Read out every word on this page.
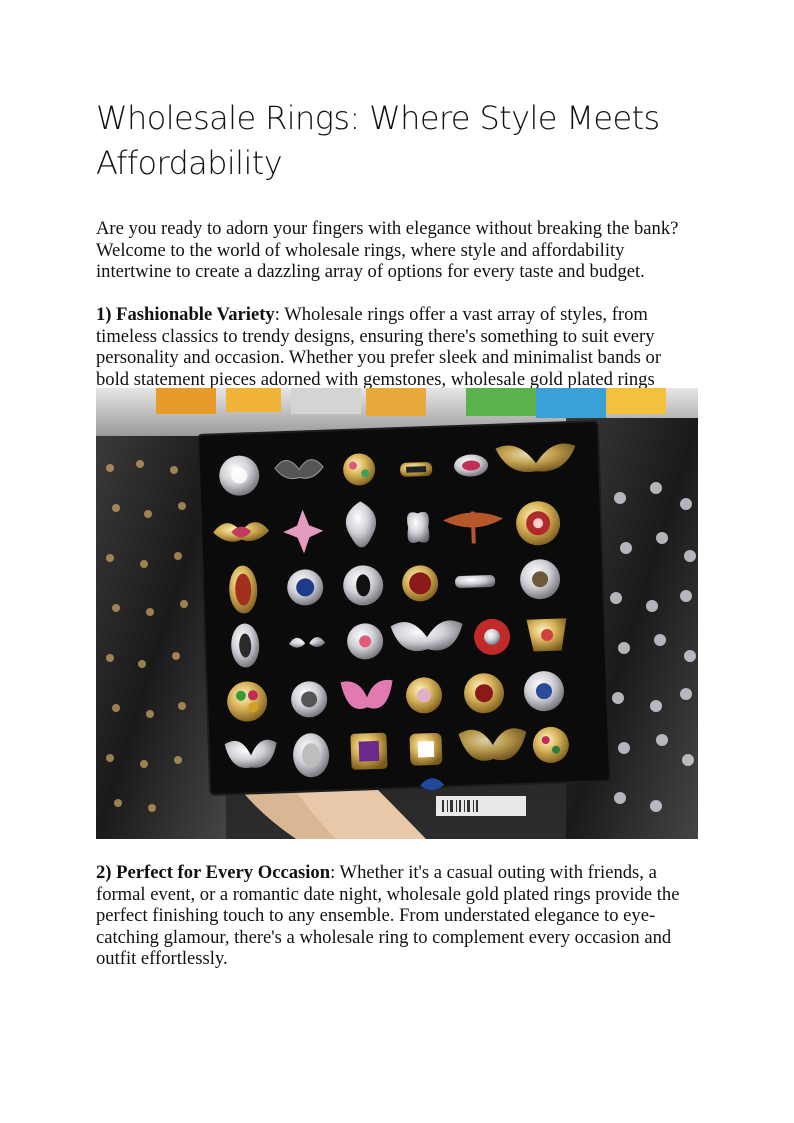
Wholesale Rings: Where Style Meets Affordability

Are you ready to adorn your fingers with elegance without breaking the bank? Welcome to the world of wholesale rings, where style and affordability intertwine to create a dazzling array of options for every taste and budget.

1) Fashionable Variety: Wholesale rings offer a vast array of styles, from timeless classics to trendy designs, ensuring there's something to suit every personality and occasion. Whether you prefer sleek and minimalist bands or bold statement pieces adorned with gemstones, wholesale gold plated rings

2) Perfect for Every Occasion: Whether it's a casual outing with friends, a formal event, or a romantic date night, wholesale gold plated rings provide the perfect finishing touch to any ensemble. From understated elegance to eye-catching glamour, there's a wholesale ring to complement every occasion and outfit effortlessly.
